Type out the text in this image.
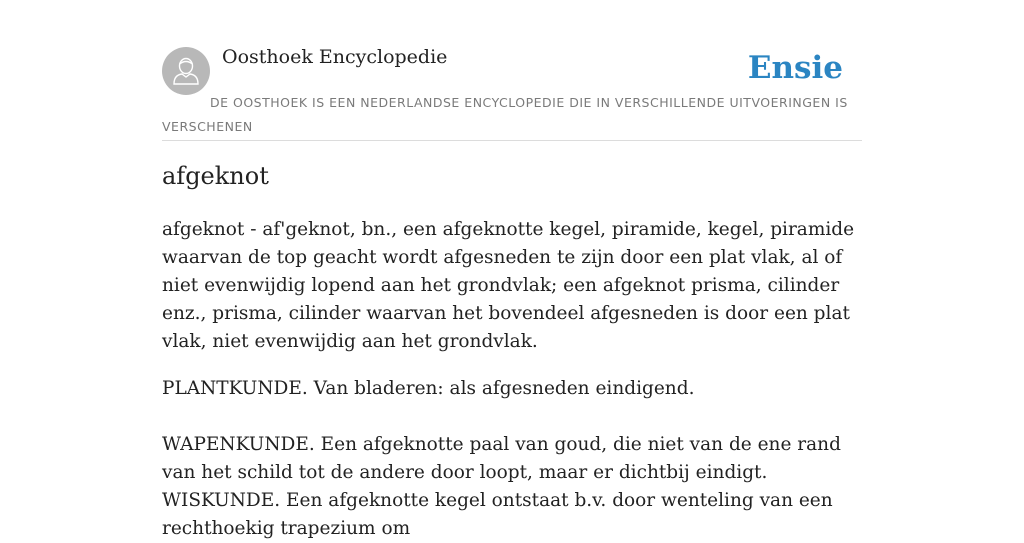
Oosthoek Encyclopedie	Ensie
DE OOSTHOEK IS EEN NEDERLANDSE ENCYCLOPEDIE DIE IN VERSCHILLENDE UITVOERINGEN IS VERSCHENEN
afgeknot

afgeknot - af'geknot, bn., een afgeknotte kegel, piramide, kegel, piramide waarvan de top geacht wordt afgesneden te zijn door een plat vlak, al of niet evenwijdig lopend aan het grondvlak; een afgeknot prisma, cilinder enz., prisma, cilinder waarvan het bovendeel afgesneden is door een plat vlak, niet evenwijdig aan het grondvlak.

PLANTKUNDE. Van bladeren: als afgesneden eindigend.

WAPENKUNDE. Een afgeknotte paal van goud, die niet van de ene rand van het schild tot de andere door loopt, maar er dichtbij eindigt. WISKUNDE. Een afgeknotte kegel ontstaat b.v. door wenteling van een rechthoekig trapezium om
